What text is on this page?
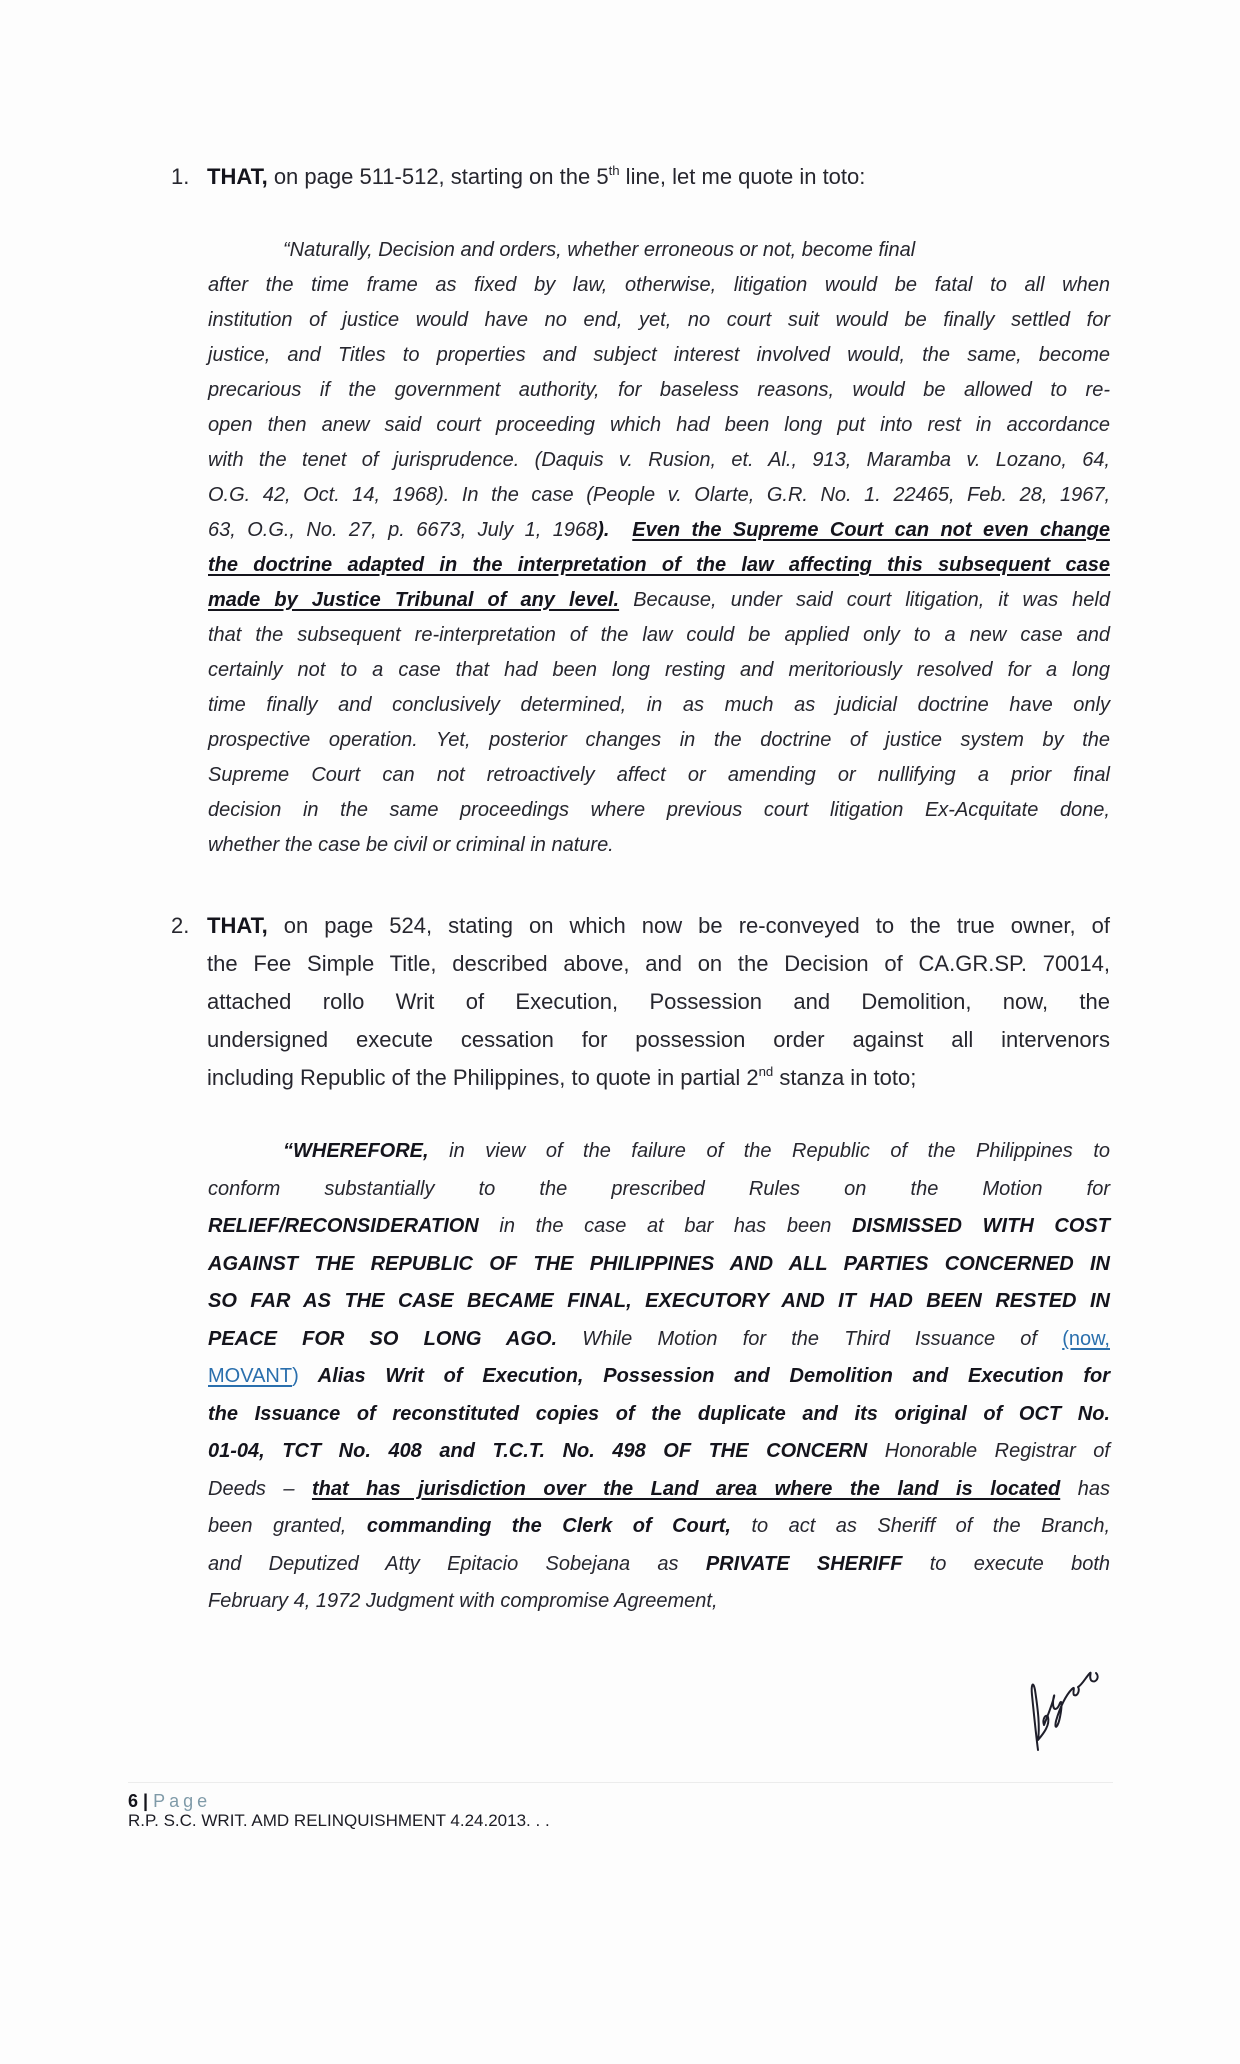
1. THAT, on page 511-512, starting on the 5th line, let me quote in toto:
“Naturally, Decision and orders, whether erroneous or not, become final
after the time frame as fixed by law, otherwise, litigation would be fatal to all when
institution of justice would have no end, yet, no court suit would be finally settled for
justice, and Titles to properties and subject interest involved would, the same, become
precarious if the government authority, for baseless reasons, would be allowed to re-
open then anew said court proceeding which had been long put into rest in accordance
with the tenet of jurisprudence. (Daquis v. Rusion, et. Al., 913, Maramba v. Lozano, 64,
O.G. 42, Oct. 14, 1968). In the case (People v. Olarte, G.R. No. 1. 22465, Feb. 28, 1967,
63, O.G., No. 27, p. 6673, July 1, 1968). Even the Supreme Court can not even change
the doctrine adapted in the interpretation of the law affecting this subsequent case
made by Justice Tribunal of any level. Because, under said court litigation, it was held
that the subsequent re-interpretation of the law could be applied only to a new case and
certainly not to a case that had been long resting and meritoriously resolved for a long
time finally and conclusively determined, in as much as judicial doctrine have only
prospective operation. Yet, posterior changes in the doctrine of justice system by the
Supreme Court can not retroactively affect or amending or nullifying a prior final
decision in the same proceedings where previous court litigation Ex-Acquitate done,
whether the case be civil or criminal in nature.
2. THAT, on page 524, stating on which now be re-conveyed to the true owner, of
the Fee Simple Title, described above, and on the Decision of CA.GR.SP. 70014,
attached rollo Writ of Execution, Possession and Demolition, now, the
undersigned execute cessation for possession order against all intervenors
including Republic of the Philippines, to quote in partial 2nd stanza in toto;
“WHEREFORE, in view of the failure of the Republic of the Philippines to
conform substantially to the prescribed Rules on the Motion for
RELIEF/RECONSIDERATION in the case at bar has been DISMISSED WITH COST
AGAINST THE REPUBLIC OF THE PHILIPPINES AND ALL PARTIES CONCERNED IN
SO FAR AS THE CASE BECAME FINAL, EXECUTORY AND IT HAD BEEN RESTED IN
PEACE FOR SO LONG AGO. While Motion for the Third Issuance of (now,
MOVANT) Alias Writ of Execution, Possession and Demolition and Execution for
the Issuance of reconstituted copies of the duplicate and its original of OCT No.
01-04, TCT No. 408 and T.C.T. No. 498 OF THE CONCERN Honorable Registrar of
Deeds – that has jurisdiction over the Land area where the land is located has
been granted, commanding the Clerk of Court, to act as Sheriff of the Branch,
and Deputized Atty Epitacio Sobejana as PRIVATE SHERIFF to execute both
February 4, 1972 Judgment with compromise Agreement,
6 | Page
R.P. S.C. WRIT. AMD RELINQUISHMENT 4.24.2013. . .
